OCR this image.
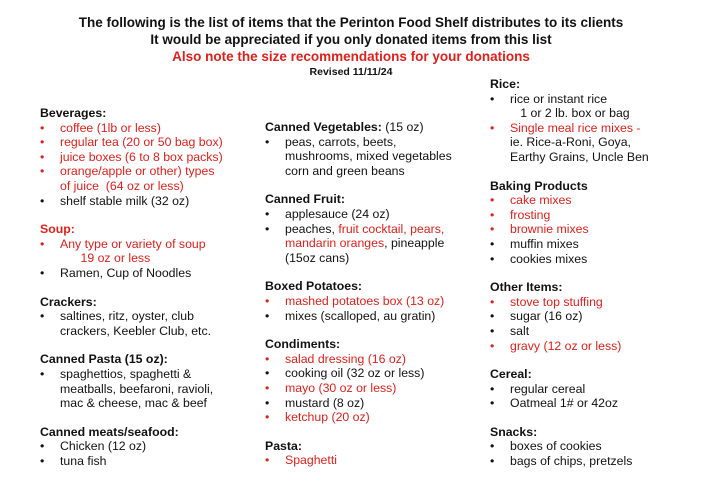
The following is the list of items that the Perinton Food Shelf distributes to its clients
It would be appreciated if you only donated items from this list
Also note the size recommendations for your donations
Revised 11/11/24
Beverages:
• coffee (1lb or less)
• regular tea (20 or 50 bag box)
• juice boxes (6 to 8 box packs)
• orange/apple or other) types
of juice  (64 oz or less)
• shelf stable milk (32 oz)
Soup:
• Any type or variety of soup
19 oz or less
• Ramen, Cup of Noodles
Crackers:
• saltines, ritz, oyster, club
crackers, Keebler Club, etc.
Canned Pasta (15 oz):
• spaghettios, spaghetti &
meatballs, beefaroni, ravioli,
mac & cheese, mac & beef
Canned meats/seafood:
• Chicken (12 oz)
• tuna fish
Canned Vegetables: (15 oz)
• peas, carrots, beets,
mushrooms, mixed vegetables
corn and green beans
Canned Fruit:
• applesauce (24 oz)
• peaches, fruit cocktail, pears,
mandarin oranges, pineapple
(15oz cans)
Boxed Potatoes:
• mashed potatoes box (13 oz)
• mixes (scalloped, au gratin)
Condiments:
• salad dressing (16 oz)
• cooking oil (32 oz or less)
• mayo (30 oz or less)
• mustard (8 oz)
• ketchup (20 oz)
Pasta:
• Spaghetti
Rice:
• rice or instant rice
1 or 2 lb. box or bag
• Single meal rice mixes -
ie. Rice-a-Roni, Goya,
Earthy Grains, Uncle Ben
Baking Products
• cake mixes
• frosting
• brownie mixes
• muffin mixes
• cookies mixes
Other Items:
• stove top stuffing
• sugar (16 oz)
• salt
• gravy (12 oz or less)
Cereal:
• regular cereal
• Oatmeal 1# or 42oz
Snacks:
• boxes of cookies
• bags of chips, pretzels
